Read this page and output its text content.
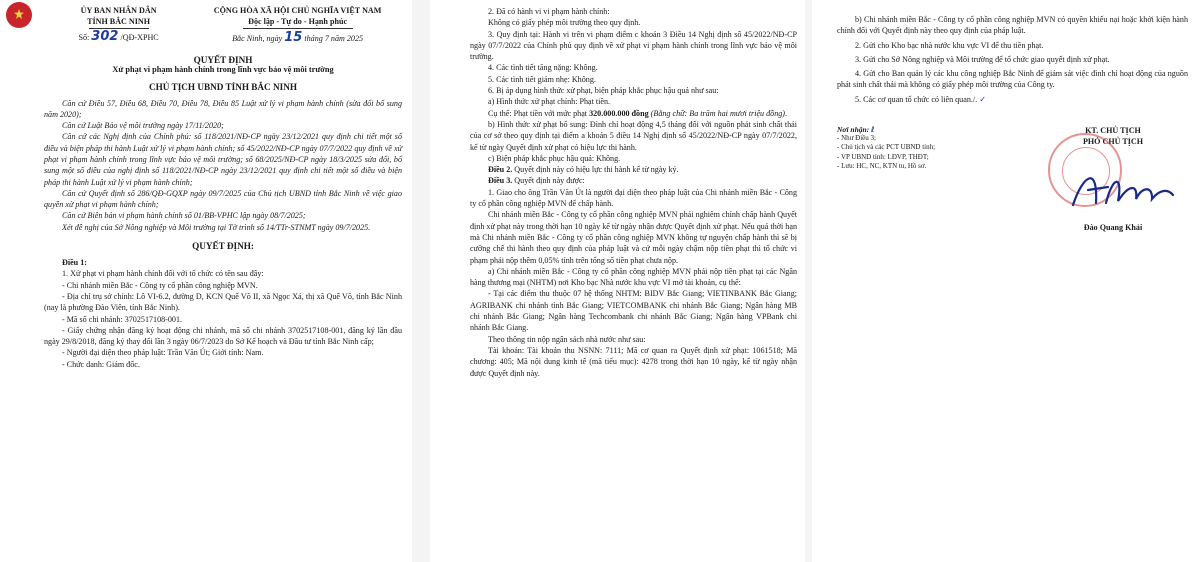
ỦY BAN NHÂN DÂN

TỈNH BẮC NINH

Số: 302 /QĐ-XPHC

CỘNG HÒA XÃ HỘI CHỦ NGHĨA VIỆT NAM

Độc lập - Tự do - Hạnh phúc

Bắc Ninh, ngày 15 tháng 7 năm 2025

QUYẾT ĐỊNH

Xử phạt vi phạm hành chính trong lĩnh vực bảo vệ môi trường

CHỦ TỊCH UBND TỈNH BẮC NINH

Căn cứ Điều 57, Điều 68, Điều 70, Điều 78, Điều 85 Luật xử lý vi phạm hành chính (sửa đổi bổ sung năm 2020);

Căn cứ Luật Bảo vệ môi trường ngày 17/11/2020;

Căn cứ các Nghị định của Chính phủ: số 118/2021/NĐ-CP ngày 23/12/2021 quy định chi tiết một số điều và biện pháp thi hành Luật xử lý vi phạm hành chính; số 45/2022/NĐ-CP ngày 07/7/2022 quy định về xử phạt vi phạm hành chính trong lĩnh vực bảo vệ môi trường; số 68/2025/NĐ-CP ngày 18/3/2025 sửa đổi, bổ sung một số điều của nghị định số 118/2021/NĐ-CP ngày 23/12/2021 quy định chi tiết một số điều và biện pháp thi hành Luật xử lý vi phạm hành chính;

Căn cứ Quyết định số 286/QĐ-GQXP ngày 09/7/2025 của Chủ tịch UBND tỉnh Bắc Ninh về việc giao quyền xử phạt vi phạm hành chính;

Căn cứ Biên bản vi phạm hành chính số 01/BB-VPHC lập ngày 08/7/2025;

Xét đề nghị của Sở Nông nghiệp và Môi trường tại Tờ trình số 14/TTr-STNMT ngày 09/7/2025.

QUYẾT ĐỊNH:

Điều 1:

1. Xử phạt vi phạm hành chính đối với tổ chức có tên sau đây:

- Chi nhánh miền Bắc - Công ty cổ phần công nghiệp MVN.

- Địa chỉ trụ sở chính: Lô VI-6.2, đường D, KCN Quế Võ II, xã Ngọc Xá, thị xã Quế Võ, tỉnh Bắc Ninh (nay là phường Đào Viên, tỉnh Bắc Ninh).

- Mã số chi nhánh: 3702517108-001.

- Giấy chứng nhận đăng ký hoạt động chi nhánh, mã số chi nhánh 3702517108-001, đăng ký lần đầu ngày 29/8/2018, đăng ký thay đổi lần 3 ngày 06/7/2023 do Sở Kế hoạch và Đầu tư tỉnh Bắc Ninh cấp;

- Người đại diện theo pháp luật: Trần Văn Út; Giới tính: Nam.

- Chức danh: Giám đốc.

2. Đã có hành vi vi phạm hành chính:

Không có giấy phép môi trường theo quy định.

3. Quy định tại: Hành vi trên vi phạm điểm c khoản 3 Điều 14 Nghị định số 45/2022/NĐ-CP ngày 07/7/2022 của Chính phủ quy định về xử phạt vi phạm hành chính trong lĩnh vực bảo vệ môi trường.

4. Các tình tiết tăng nặng: Không.

5. Các tình tiết giảm nhẹ: Không.

6. Bị áp dụng hình thức xử phạt, biện pháp khắc phục hậu quả như sau:

a) Hình thức xử phạt chính: Phạt tiền.

Cụ thể: Phạt tiền với mức phạt 320.000.000 đồng (Bằng chữ: Ba trăm hai mươi triệu đồng).

b) Hình thức xử phạt bổ sung: Đình chỉ hoạt động 4,5 tháng đối với nguồn phát sinh chất thải của cơ sở theo quy định tại điểm a khoản 5 điều 14 Nghị định số 45/2022/NĐ-CP ngày 07/7/2022, kể từ ngày Quyết định xử phạt có hiệu lực thi hành.

c) Biện pháp khắc phục hậu quả: Không.

Điều 2. Quyết định này có hiệu lực thi hành kể từ ngày ký.

Điều 3. Quyết định này được:

1. Giao cho ông Trần Văn Út là người đại diện theo pháp luật của Chi nhánh miền Bắc - Công ty cổ phần công nghiệp MVN để chấp hành.

Chi nhánh miền Bắc - Công ty cổ phần công nghiệp MVN phải nghiêm chỉnh chấp hành Quyết định xử phạt này trong thời hạn 10 ngày kể từ ngày nhận được Quyết định xử phạt. Nếu quá thời hạn mà Chi nhánh miền Bắc - Công ty cổ phần công nghiệp MVN không tự nguyện chấp hành thì sẽ bị cưỡng chế thi hành theo quy định của pháp luật và cứ mỗi ngày chậm nộp tiền phạt thì tổ chức vi phạm phải nộp thêm 0,05% tính trên tổng số tiền phạt chưa nộp.

a) Chi nhánh miền Bắc - Công ty cổ phần công nghiệp MVN phải nộp tiền phạt tại các Ngân hàng thương mại (NHTM) nơi Kho bạc Nhà nước khu vực VI mở tài khoản, cụ thể:

- Tại các điểm thu thuộc 07 hệ thống NHTM: BIDV Bắc Giang; VIETINBANK Bắc Giang; AGRIBANK chi nhánh tỉnh Bắc Giang; VIETCOMBANK chi nhánh Bắc Giang; Ngân hàng MB chi nhánh Bắc Giang; Ngân hàng Techcombank chi nhánh Bắc Giang; Ngân hàng VPBank chi nhánh Bắc Giang.

Theo thông tin nộp ngân sách nhà nước như sau:

Tài khoản: Tài khoản thu NSNN: 7111; Mã cơ quan ra Quyết định xử phạt: 1061518; Mã chương: 405; Mã nội dung kinh tế (mã tiểu mục): 4278 trong thời hạn 10 ngày, kể từ ngày nhận được Quyết định này.

b) Chi nhánh miền Bắc - Công ty cổ phần công nghiệp MVN có quyền khiếu nại hoặc khởi kiện hành chính đối với Quyết định này theo quy định của pháp luật.

2. Gửi cho Kho bạc nhà nước khu vực VI để thu tiền phạt.

3. Gửi cho Sở Nông nghiệp và Môi trường để tổ chức giao quyết định xử phạt.

4. Gửi cho Ban quản lý các khu công nghiệp Bắc Ninh để giám sát việc đình chỉ hoạt động của nguồn phát sinh chất thải mà không có giấy phép môi trường của Công ty.

5. Các cơ quan tổ chức có liên quan./. ✓

Nơi nhận: ℓ

- Như Điều 3;

- Chủ tịch và các PCT UBND tỉnh;

- VP UBND tỉnh: LĐVP, THĐT;

- Lưu: HC, NC, KTN tu, Hồ sơ.

KT. CHỦ TỊCH

PHÓ CHỦ TỊCH

Đào Quang Khải
